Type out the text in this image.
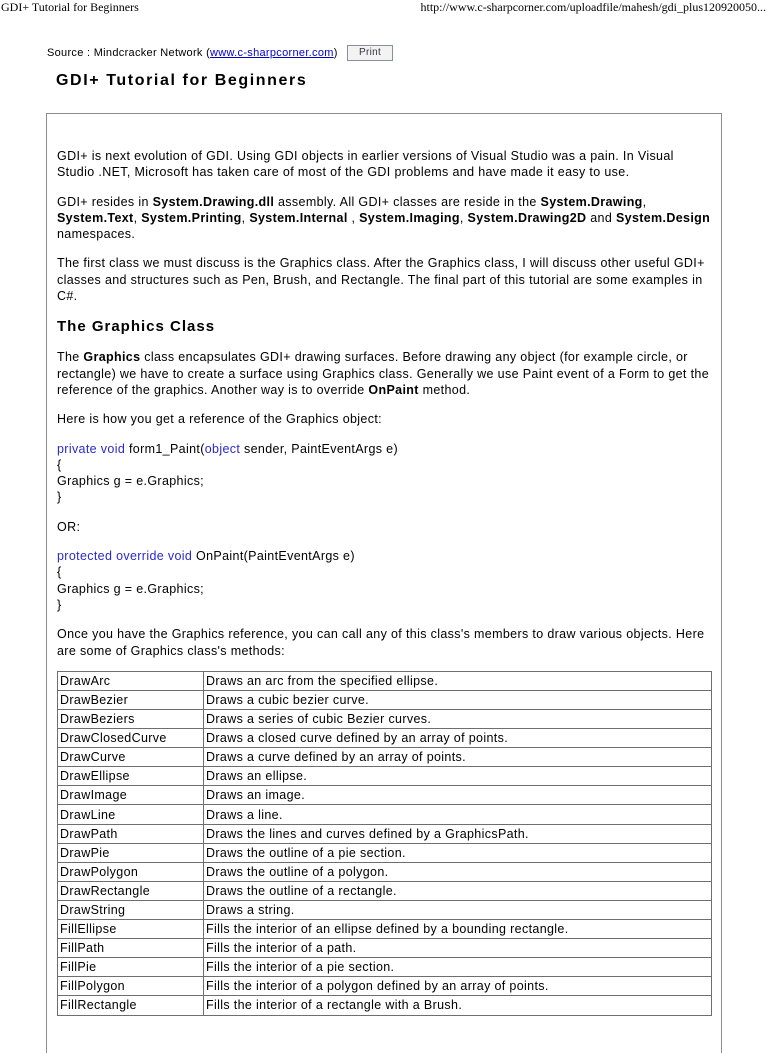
GDI+ Tutorial for Beginners	http://www.c-sharpcorner.com/uploadfile/mahesh/gdi_plus120920050...
Source : Mindcracker Network (www.c-sharpcorner.com) Print
GDI+ Tutorial for Beginners

GDI+ is next evolution of GDI. Using GDI objects in earlier versions of Visual Studio was a pain. In Visual Studio .NET, Microsoft has taken care of most of the GDI problems and have made it easy to use.

GDI+ resides in System.Drawing.dll assembly. All GDI+ classes are reside in the System.Drawing, System.Text, System.Printing, System.Internal , System.Imaging, System.Drawing2D and System.Design namespaces.

The first class we must discuss is the Graphics class. After the Graphics class, I will discuss other useful GDI+ classes and structures such as Pen, Brush, and Rectangle. The final part of this tutorial are some examples in C#.

The Graphics Class

The Graphics class encapsulates GDI+ drawing surfaces. Before drawing any object (for example circle, or rectangle) we have to create a surface using Graphics class. Generally we use Paint event of a Form to get the reference of the graphics. Another way is to override OnPaint method.

Here is how you get a reference of the Graphics object:

private void form1_Paint(object sender, PaintEventArgs e)
{
Graphics g = e.Graphics;
}

OR:

protected override void OnPaint(PaintEventArgs e)
{
Graphics g = e.Graphics;
}

Once you have the Graphics reference, you can call any of this class's members to draw various objects. Here are some of Graphics class's methods:

DrawArc	Draws an arc from the specified ellipse.
DrawBezier	Draws a cubic bezier curve.
DrawBeziers	Draws a series of cubic Bezier curves.
DrawClosedCurve	Draws a closed curve defined by an array of points.
DrawCurve	Draws a curve defined by an array of points.
DrawEllipse	Draws an ellipse.
DrawImage	Draws an image.
DrawLine	Draws a line.
DrawPath	Draws the lines and curves defined by a GraphicsPath.
DrawPie	Draws the outline of a pie section.
DrawPolygon	Draws the outline of a polygon.
DrawRectangle	Draws the outline of a rectangle.
DrawString	Draws a string.
FillEllipse	Fills the interior of an ellipse defined by a bounding rectangle.
FillPath	Fills the interior of a path.
FillPie	Fills the interior of a pie section.
FillPolygon	Fills the interior of a polygon defined by an array of points.
FillRectangle	Fills the interior of a rectangle with a Brush.
